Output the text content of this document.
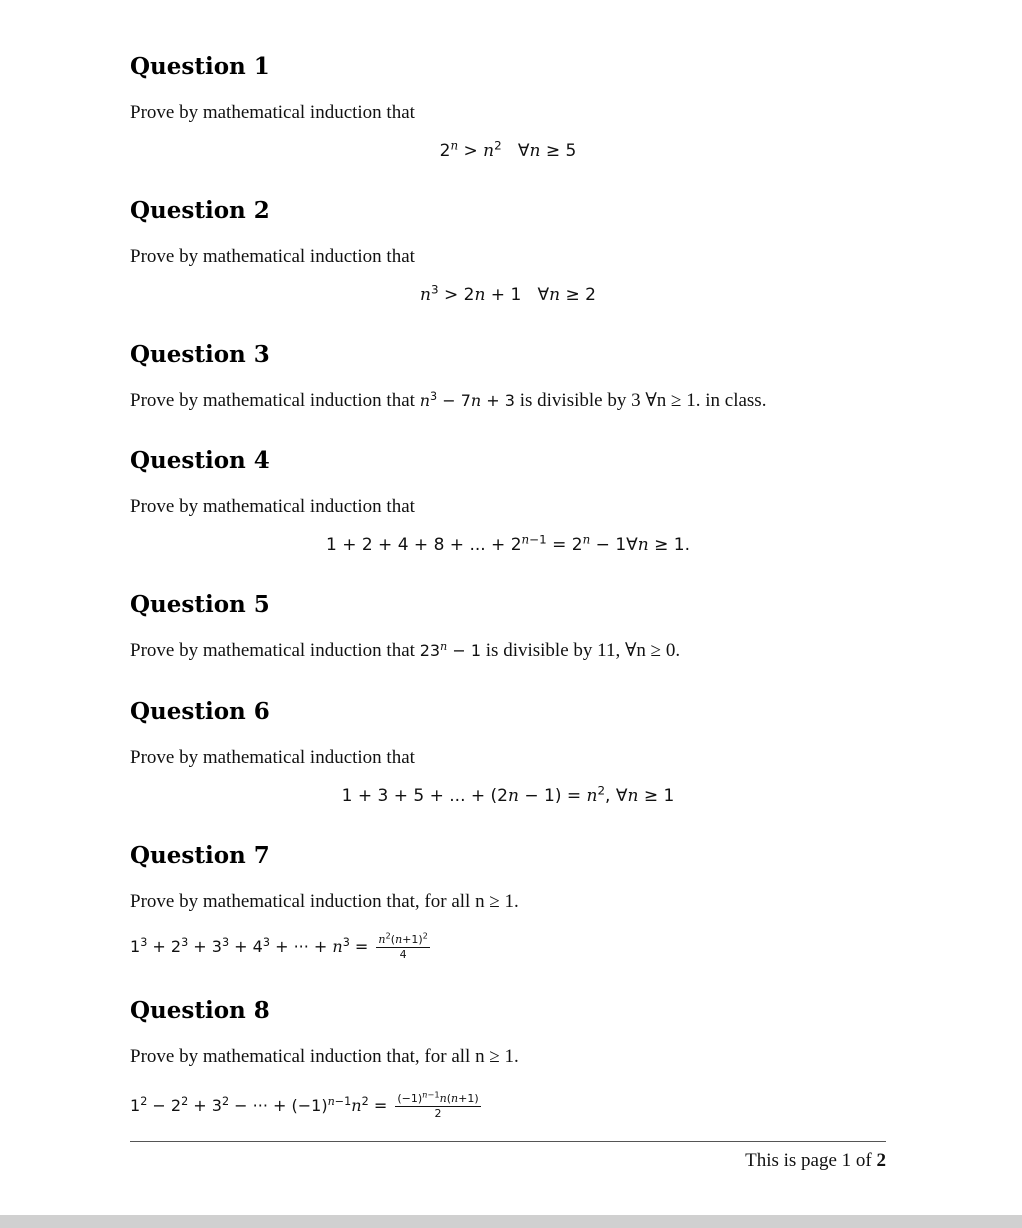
Question 1

Prove by mathematical induction that

$2^n > n^2$   ∀n ≥ 5
Question 2

Prove by mathematical induction that

$n^3 > 2n + 1$   ∀n ≥ 2
Question 3

Prove by mathematical induction that $n^3 - 7n + 3$ is divisible by 3 ∀n ≥ 1. in class.

Question 4

Prove by mathematical induction that

1 + 2 + 4 + 8 + ... + $2^{n-1} = 2^n$ − 1∀n ≥ 1.
Question 5

Prove by mathematical induction that $23^n - 1$ is divisible by 11, ∀n ≥ 0.

Question 6

Prove by mathematical induction that

1 + 3 + 5 + ... + $(2n - 1) = n^2$, ∀n ≥ 1
Question 7

Prove by mathematical induction that, for all n ≥ 1.

$1^3 + 2^3 + 3^3 + 4^3$ + ··· + $n^3 = \frac{n^2(n+1)^2}{4}$
Question 8

Prove by mathematical induction that, for all n ≥ 1.

$1^2 - 2^2 + 3^2$ − ··· + $(-1)^{n-1}n^2 = \frac{(-1)^{n-1}n(n+1)}{2}$

This is page 1 of 2
